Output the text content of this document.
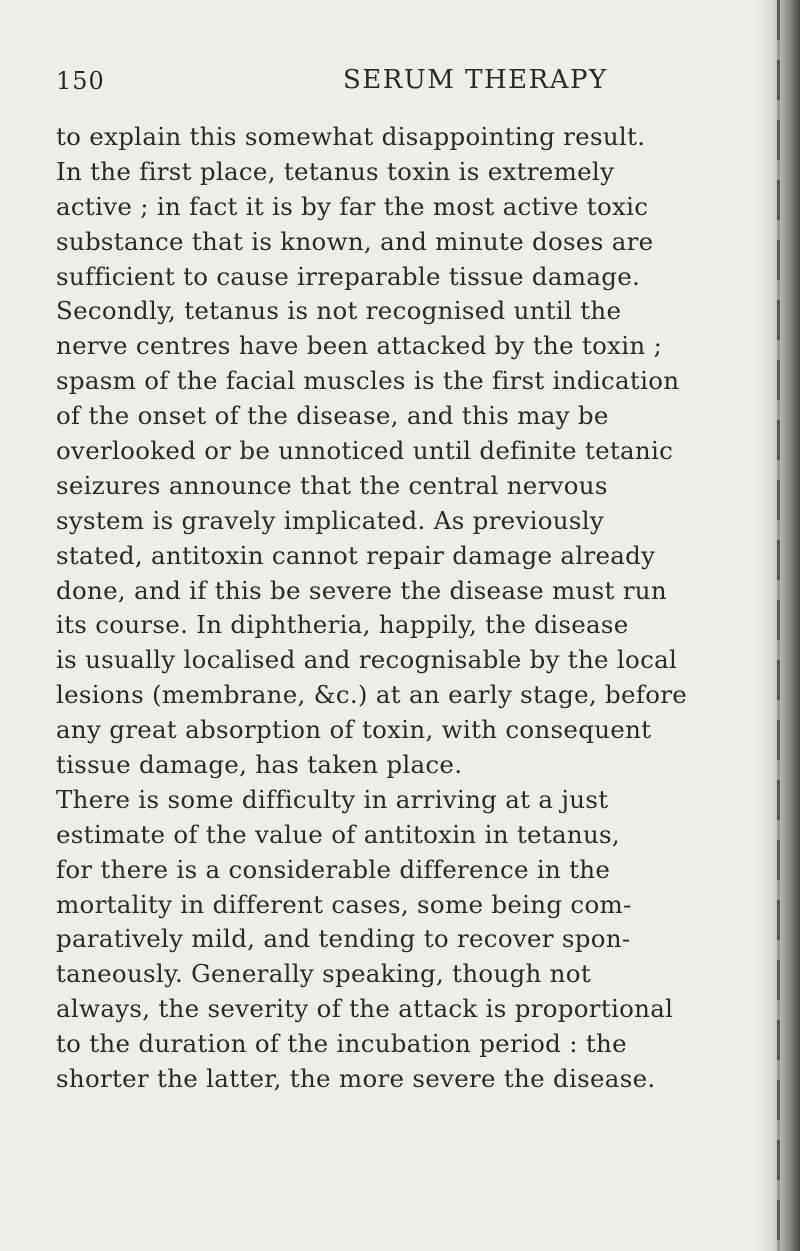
150	SERUM THERAPY
to explain this somewhat disappointing result.
In the first place, tetanus toxin is extremely
active ; in fact it is by far the most active toxic
substance that is known, and minute doses are
sufficient to cause irreparable tissue damage.
Secondly, tetanus is not recognised until the
nerve centres have been attacked by the toxin ;
spasm of the facial muscles is the first indication
of the onset of the disease, and this may be
overlooked or be unnoticed until definite tetanic
seizures announce that the central nervous
system is gravely implicated. As previously
stated, antitoxin cannot repair damage already
done, and if this be severe the disease must run
its course. In diphtheria, happily, the disease
is usually localised and recognisable by the local
lesions (membrane, &c.) at an early stage, before
any great absorption of toxin, with consequent
tissue damage, has taken place.
There is some difficulty in arriving at a just
estimate of the value of antitoxin in tetanus,
for there is a considerable difference in the
mortality in different cases, some being com-
paratively mild, and tending to recover spon-
taneously. Generally speaking, though not
always, the severity of the attack is proportional
to the duration of the incubation period : the
shorter the latter, the more severe the disease.
